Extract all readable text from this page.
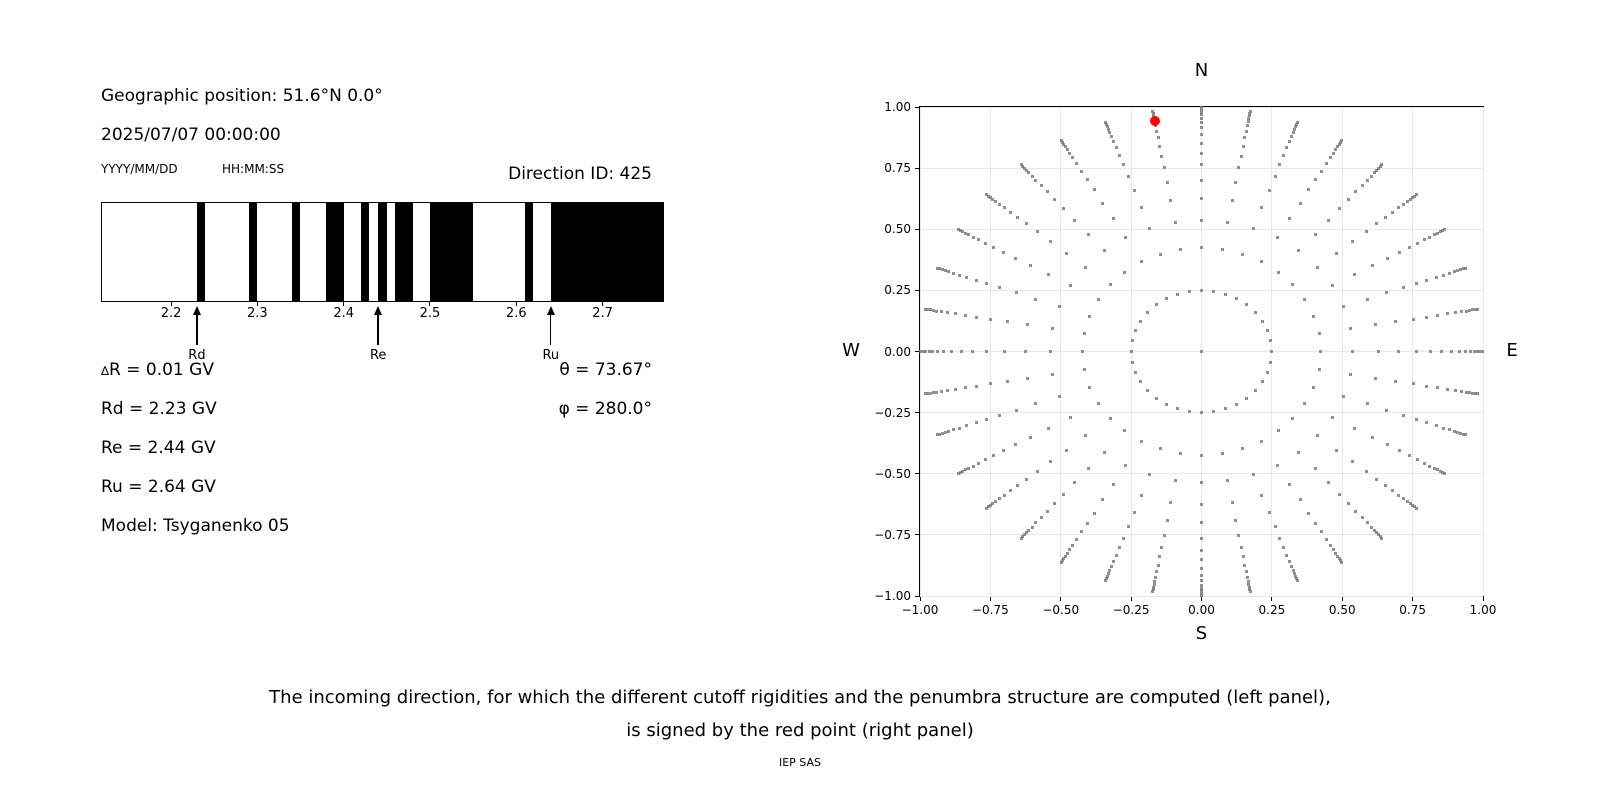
Geographic position: 51.6°N 0.0°
2025/07/07 00:00:00
YYYY/MM/DD	HH:MM:SS	Direction ID: 425
2.2	2.3	2.4	2.5	2.6	2.7
Rd	Re	Ru
∆R = 0.01 GV
Rd = 2.23 GV
Re = 2.44 GV
Ru = 2.64 GV
Model: Tsyganenko 05
θ = 73.67°
φ = 280.0°
−1.00	−0.75	−0.50	−0.25	0.00	0.25	0.50	0.75	1.00
−1.00
−0.75
−0.50
−0.25
0.00
0.25
0.50
0.75
1.00
N
S
W	E
The incoming direction, for which the different cutoff rigidities and the penumbra structure are computed (left panel),
is signed by the red point (right panel)
IEP SAS
